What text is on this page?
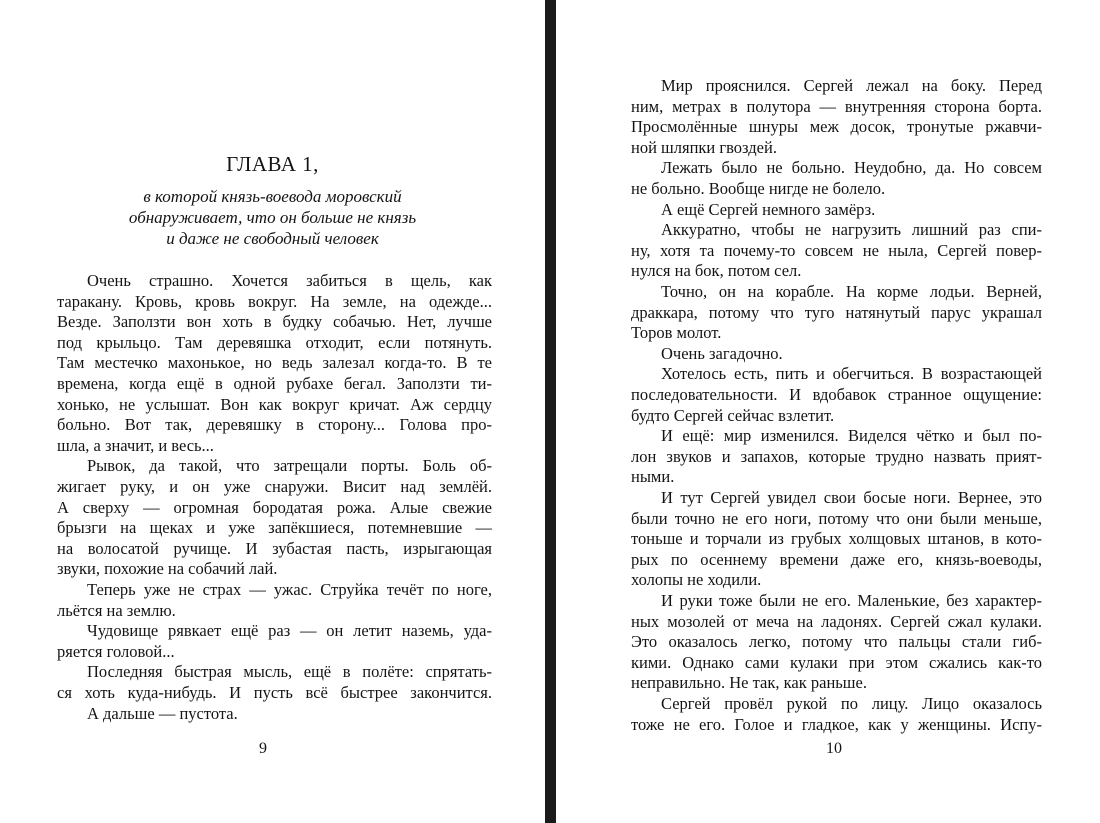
ГЛАВА 1,
в которой князь-воевода моровский
обнаруживает, что он больше не князь
и даже не свободный человек
Очень страшно. Хочется забиться в щель, как
таракану. Кровь, кровь вокруг. На земле, на одежде...
Везде. Заползти вон хоть в будку собачью. Нет, лучше
под крыльцо. Там деревяшка отходит, если потянуть.
Там местечко махонькое, но ведь залезал когда-то. В те
времена, когда ещё в одной рубахе бегал. Заползти ти-
хонько, не услышат. Вон как вокруг кричат. Аж сердцу
больно. Вот так, деревяшку в сторону... Голова про-
шла, а значит, и весь...
Рывок, да такой, что затрещали порты. Боль об-
жигает руку, и он уже снаружи. Висит над землёй.
А сверху — огромная бородатая рожа. Алые свежие
брызги на щеках и уже запёкшиеся, потемневшие —
на волосатой ручище. И зубастая пасть, изрыгающая
звуки, похожие на собачий лай.
Теперь уже не страх — ужас. Струйка течёт по ноге,
льётся на землю.
Чудовище рявкает ещё раз — он летит наземь, уда-
ряется головой...
Последняя быстрая мысль, ещё в полёте: спрятать-
ся хоть куда-нибудь. И пусть всё быстрее закончится.
А дальше — пустота.
9
Мир прояснился. Сергей лежал на боку. Перед
ним, метрах в полутора — внутренняя сторона борта.
Просмолённые шнуры меж досок, тронутые ржавчи-
ной шляпки гвоздей.
Лежать было не больно. Неудобно, да. Но совсем
не больно. Вообще нигде не болело.
А ещё Сергей немного замёрз.
Аккуратно, чтобы не нагрузить лишний раз спи-
ну, хотя та почему-то совсем не ныла, Сергей повер-
нулся на бок, потом сел.
Точно, он на корабле. На корме лодьи. Верней,
драккара, потому что туго натянутый парус украшал
Торов молот.
Очень загадочно.
Хотелось есть, пить и обегчиться. В возрастающей
последовательности. И вдобавок странное ощущение:
будто Сергей сейчас взлетит.
И ещё: мир изменился. Виделся чётко и был по-
лон звуков и запахов, которые трудно назвать прият-
ными.
И тут Сергей увидел свои босые ноги. Вернее, это
были точно не его ноги, потому что они были меньше,
тоньше и торчали из грубых холщовых штанов, в кото-
рых по осеннему времени даже его, князь-воеводы,
холопы не ходили.
И руки тоже были не его. Маленькие, без характер-
ных мозолей от меча на ладонях. Сергей сжал кулаки.
Это оказалось легко, потому что пальцы стали гиб-
кими. Однако сами кулаки при этом сжались как-то
неправильно. Не так, как раньше.
Сергей провёл рукой по лицу. Лицо оказалось
тоже не его. Голое и гладкое, как у женщины. Испу-
10
